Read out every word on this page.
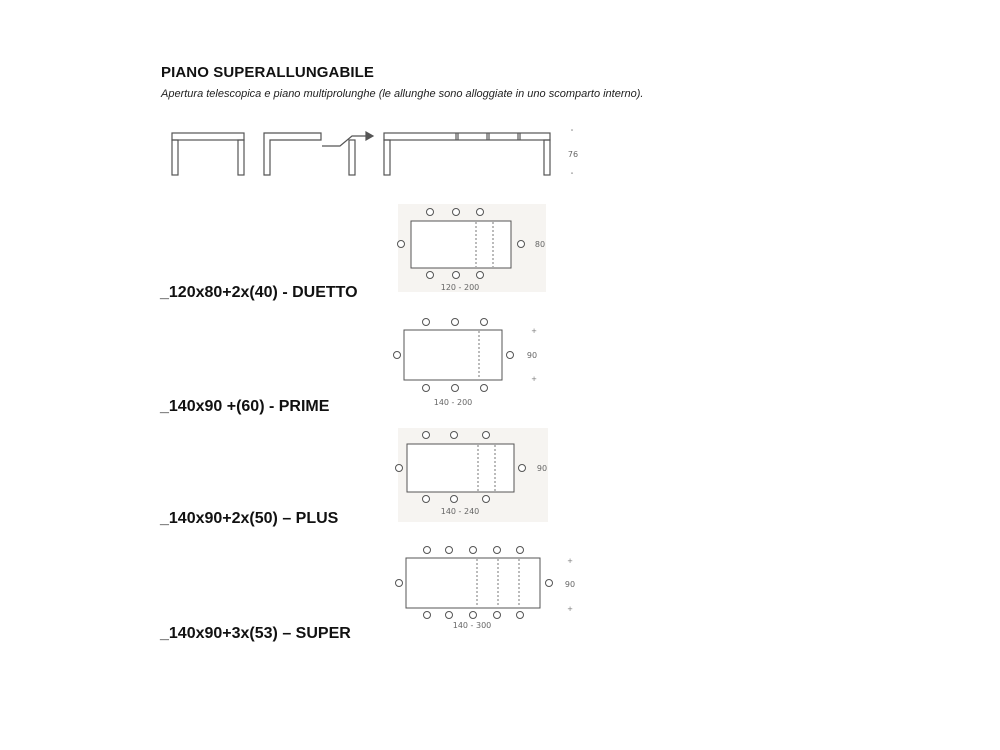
PIANO SUPERALLUNGABILE
Apertura telescopica e piano multiprolunghe (le allunghe sono alloggiate in uno scomparto interno).
_120x80+2x(40) - DUETTO
_140x90 +(60) - PRIME
_140x90+2x(50) – PLUS
_140x90+3x(53) – SUPER
˅
76
˄
80
120 - 200
+
90
+
140 - 200
90
140 - 240
+
90
+
140 - 300
